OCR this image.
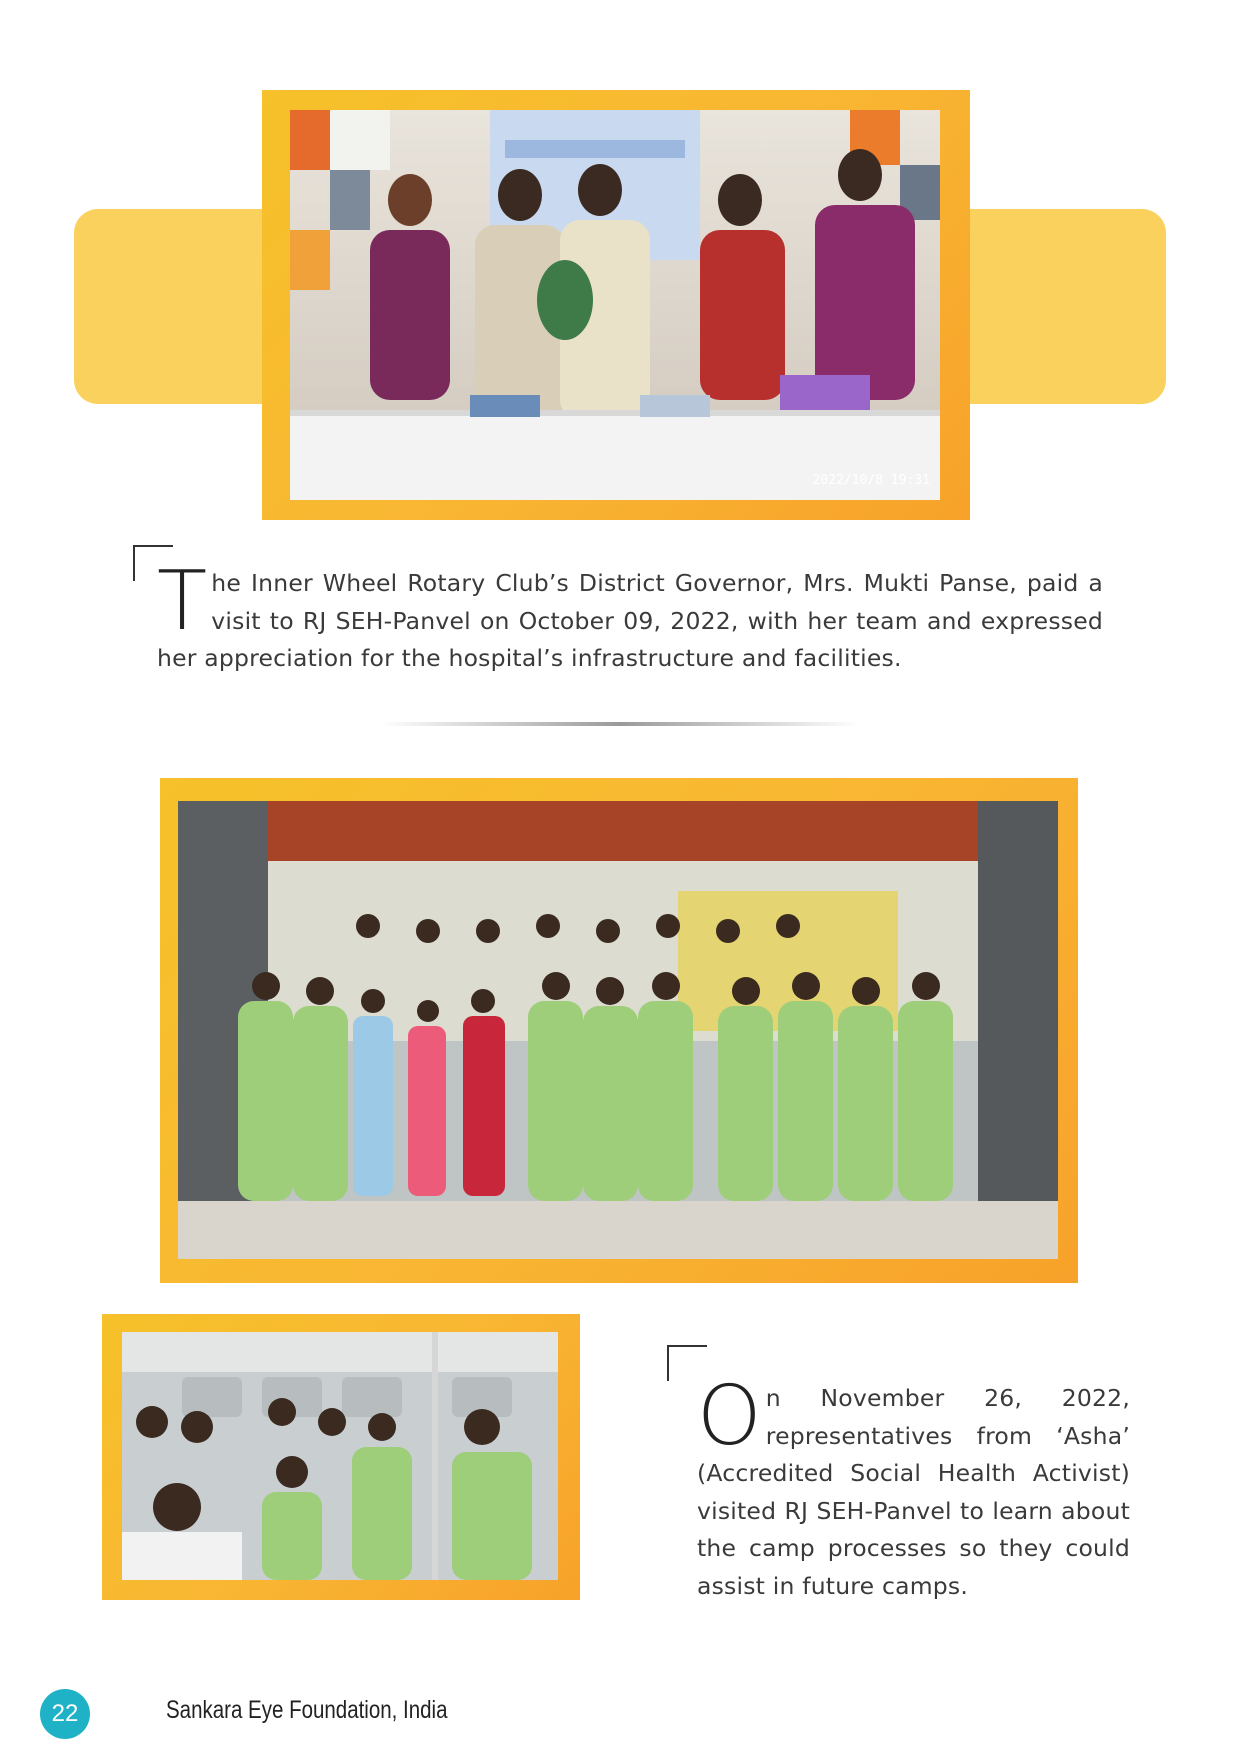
2022/10/8 19:31
The Inner Wheel Rotary Club’s District Governor, Mrs. Mukti Panse, paid a visit to RJ SEH-Panvel on October 09, 2022, with her team and expressed her appreciation for the hospital’s infrastructure and facilities.
On November 26, 2022, representatives from ‘Asha’ (Accredited Social Health Activist) visited RJ SEH-Panvel to learn about the camp processes so they could assist in future camps.
22	Sankara Eye Foundation, India
